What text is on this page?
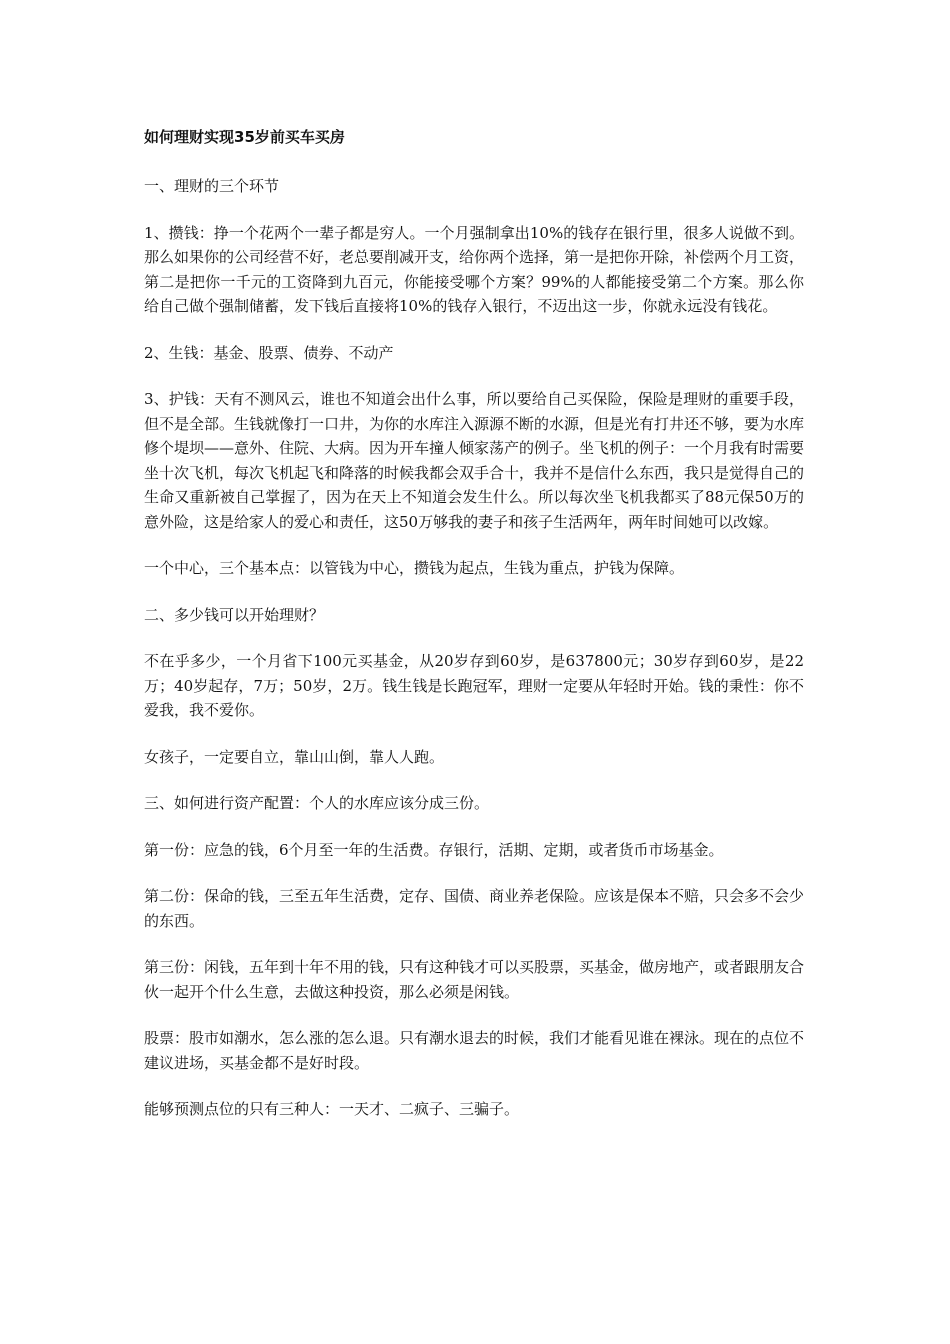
如何理财实现35岁前买车买房

一、理财的三个环节

1、攒钱：挣一个花两个一辈子都是穷人。一个月强制拿出10%的钱存在银行里，很多人说做不到。那么如果你的公司经营不好，老总要削减开支，给你两个选择，第一是把你开除，补偿两个月工资，第二是把你一千元的工资降到九百元，你能接受哪个方案？99%的人都能接受第二个方案。那么你给自己做个强制储蓄，发下钱后直接将10%的钱存入银行，不迈出这一步，你就永远没有钱花。

2、生钱：基金、股票、债券、不动产

3、护钱：天有不测风云，谁也不知道会出什么事，所以要给自己买保险，保险是理财的重要手段，但不是全部。生钱就像打一口井，为你的水库注入源源不断的水源，但是光有打井还不够，要为水库修个堤坝——意外、住院、大病。因为开车撞人倾家荡产的例子。坐飞机的例子：一个月我有时需要坐十次飞机，每次飞机起飞和降落的时候我都会双手合十，我并不是信什么东西，我只是觉得自己的生命又重新被自己掌握了，因为在天上不知道会发生什么。所以每次坐飞机我都买了88元保50万的意外险，这是给家人的爱心和责任，这50万够我的妻子和孩子生活两年，两年时间她可以改嫁。

一个中心，三个基本点：以管钱为中心，攒钱为起点，生钱为重点，护钱为保障。

二、多少钱可以开始理财？

不在乎多少，一个月省下100元买基金，从20岁存到60岁，是637800元；30岁存到60岁，是22万；40岁起存，7万；50岁，2万。钱生钱是长跑冠军，理财一定要从年轻时开始。钱的秉性：你不爱我，我不爱你。

女孩子，一定要自立，靠山山倒，靠人人跑。

三、如何进行资产配置：个人的水库应该分成三份。

第一份：应急的钱，6个月至一年的生活费。存银行，活期、定期，或者货币市场基金。

第二份：保命的钱，三至五年生活费，定存、国债、商业养老保险。应该是保本不赔，只会多不会少的东西。

第三份：闲钱，五年到十年不用的钱，只有这种钱才可以买股票，买基金，做房地产，或者跟朋友合伙一起开个什么生意，去做这种投资，那么必须是闲钱。

股票：股市如潮水，怎么涨的怎么退。只有潮水退去的时候，我们才能看见谁在裸泳。现在的点位不建议进场，买基金都不是好时段。

能够预测点位的只有三种人：一天才、二疯子、三骗子。
